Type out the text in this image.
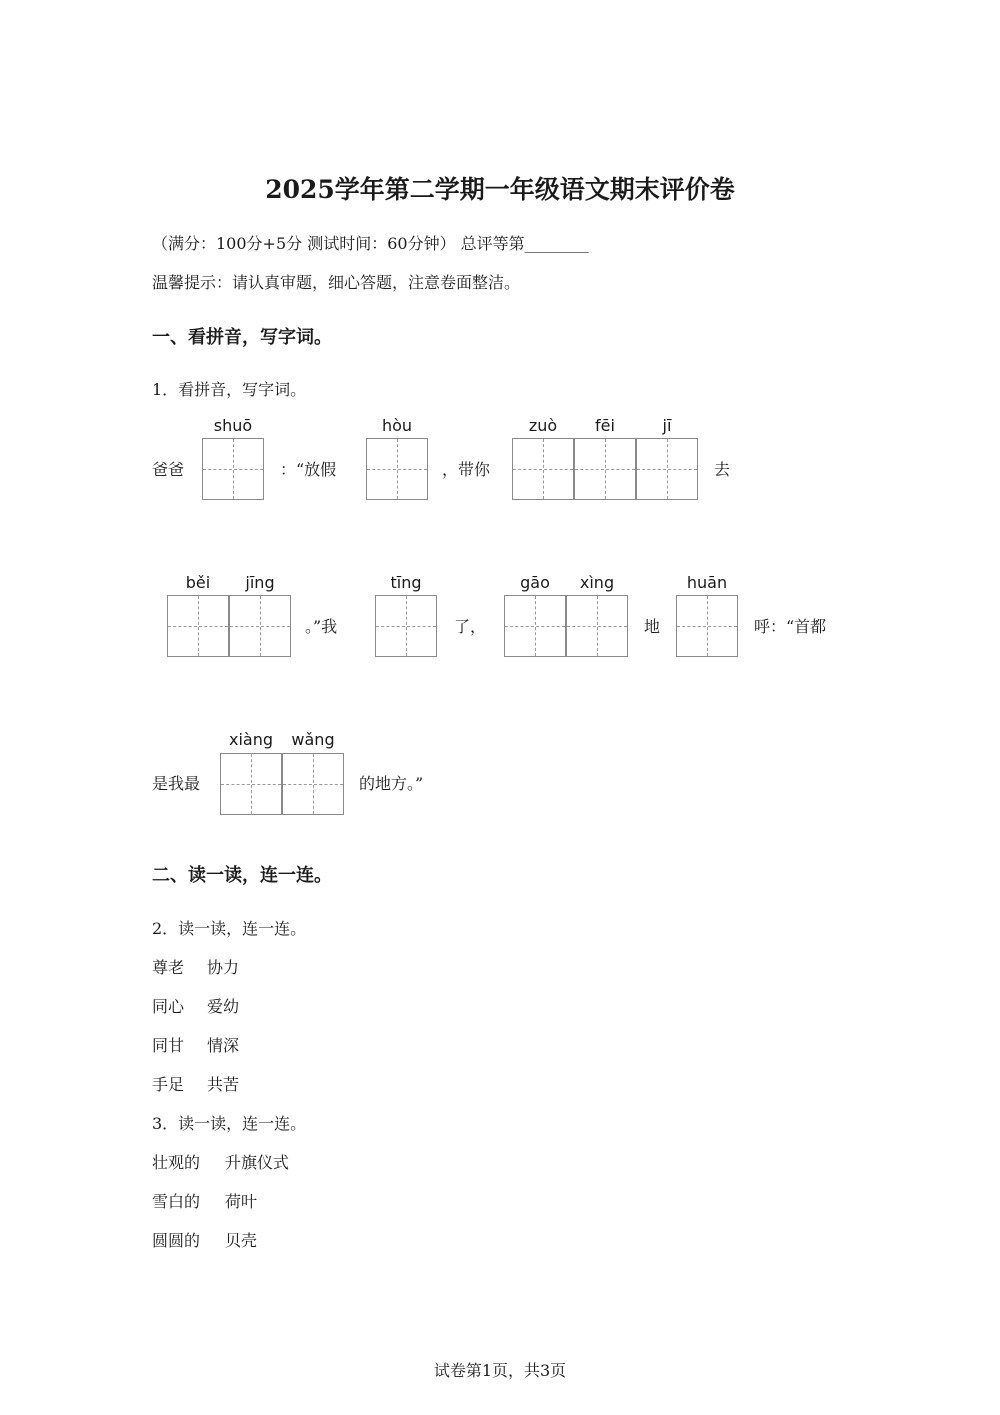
2025学年第二学期一年级语文期末评价卷
（满分：100分+5分 测试时间：60分钟） 总评等第________
温馨提示：请认真审题，细心答题，注意卷面整洁。
一、看拼音，写字词。
1．看拼音，写字词。
爸爸
shuō
：“放假
hòu
，带你
zuò	fēi	jī
去
běi	jīng
。”我
tīng
了，
gāo	xìng
地
huān
呼：“首都
是我最
xiàng	wǎng
的地方。”
二、读一读，连一连。
2．读一读，连一连。
尊老 协力
同心 爱幼
同甘 情深
手足 共苦
3．读一读，连一连。
壮观的 升旗仪式
雪白的 荷叶
圆圆的 贝壳
试卷第1页，共3页
